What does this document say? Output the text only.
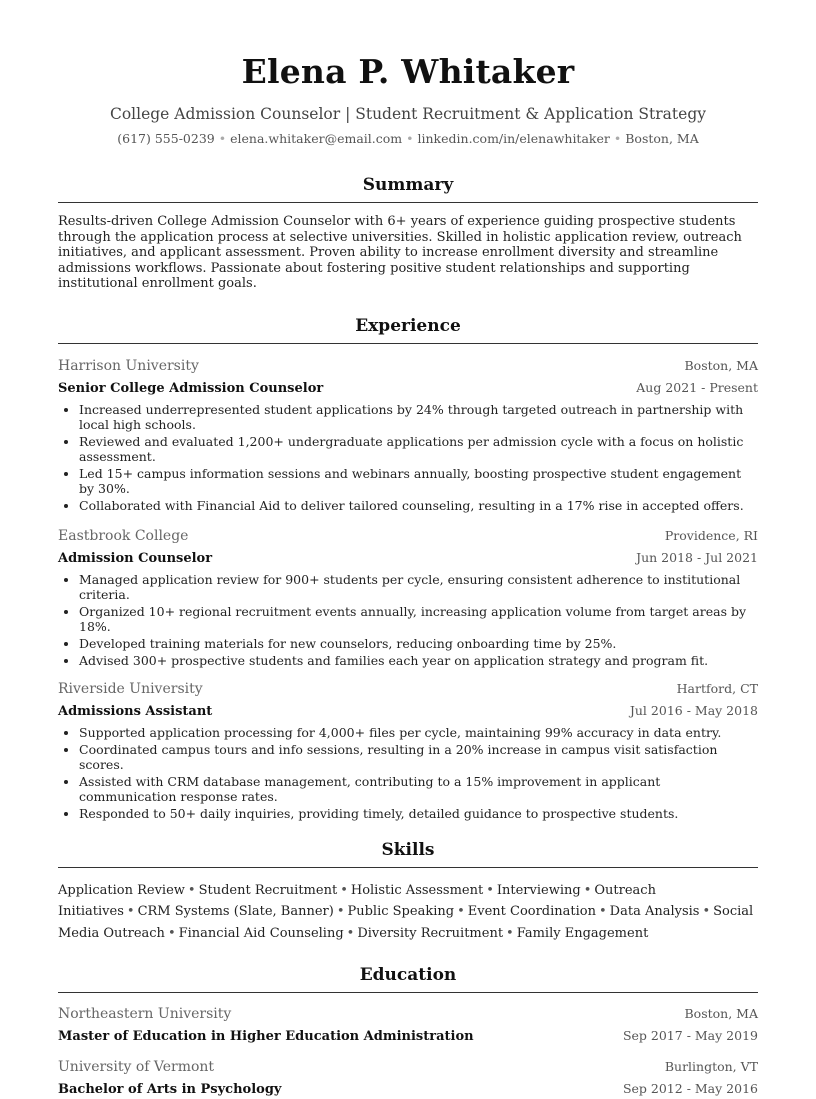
Elena P. Whitaker
College Admission Counselor | Student Recruitment & Application Strategy
(617) 555-0239 • elena.whitaker@email.com • linkedin.com/in/elenawhitaker • Boston, MA
Summary

Results-driven College Admission Counselor with 6+ years of experience guiding prospective students through the application process at selective universities. Skilled in holistic application review, outreach initiatives, and applicant assessment. Proven ability to increase enrollment diversity and streamline admissions workflows. Passionate about fostering positive student relationships and supporting institutional enrollment goals.

Experience
Harrison University	Boston, MA
Senior College Admission Counselor	Aug 2021 - Present
• Increased underrepresented student applications by 24% through targeted outreach in partnership with local high schools.
• Reviewed and evaluated 1,200+ undergraduate applications per admission cycle with a focus on holistic assessment.
• Led 15+ campus information sessions and webinars annually, boosting prospective student engagement by 30%.
• Collaborated with Financial Aid to deliver tailored counseling, resulting in a 17% rise in accepted offers.
Eastbrook College	Providence, RI
Admission Counselor	Jun 2018 - Jul 2021
• Managed application review for 900+ students per cycle, ensuring consistent adherence to institutional criteria.
• Organized 10+ regional recruitment events annually, increasing application volume from target areas by 18%.
• Developed training materials for new counselors, reducing onboarding time by 25%.
• Advised 300+ prospective students and families each year on application strategy and program fit.
Riverside University	Hartford, CT
Admissions Assistant	Jul 2016 - May 2018
• Supported application processing for 4,000+ files per cycle, maintaining 99% accuracy in data entry.
• Coordinated campus tours and info sessions, resulting in a 20% increase in campus visit satisfaction scores.
• Assisted with CRM database management, contributing to a 15% improvement in applicant communication response rates.
• Responded to 50+ daily inquiries, providing timely, detailed guidance to prospective students.
Skills

Application Review • Student Recruitment • Holistic Assessment • Interviewing • Outreach Initiatives • CRM Systems (Slate, Banner) • Public Speaking • Event Coordination • Data Analysis • Social Media Outreach • Financial Aid Counseling • Diversity Recruitment • Family Engagement

Education
Northeastern University	Boston, MA
Master of Education in Higher Education Administration	Sep 2017 - May 2019
University of Vermont	Burlington, VT
Bachelor of Arts in Psychology	Sep 2012 - May 2016
